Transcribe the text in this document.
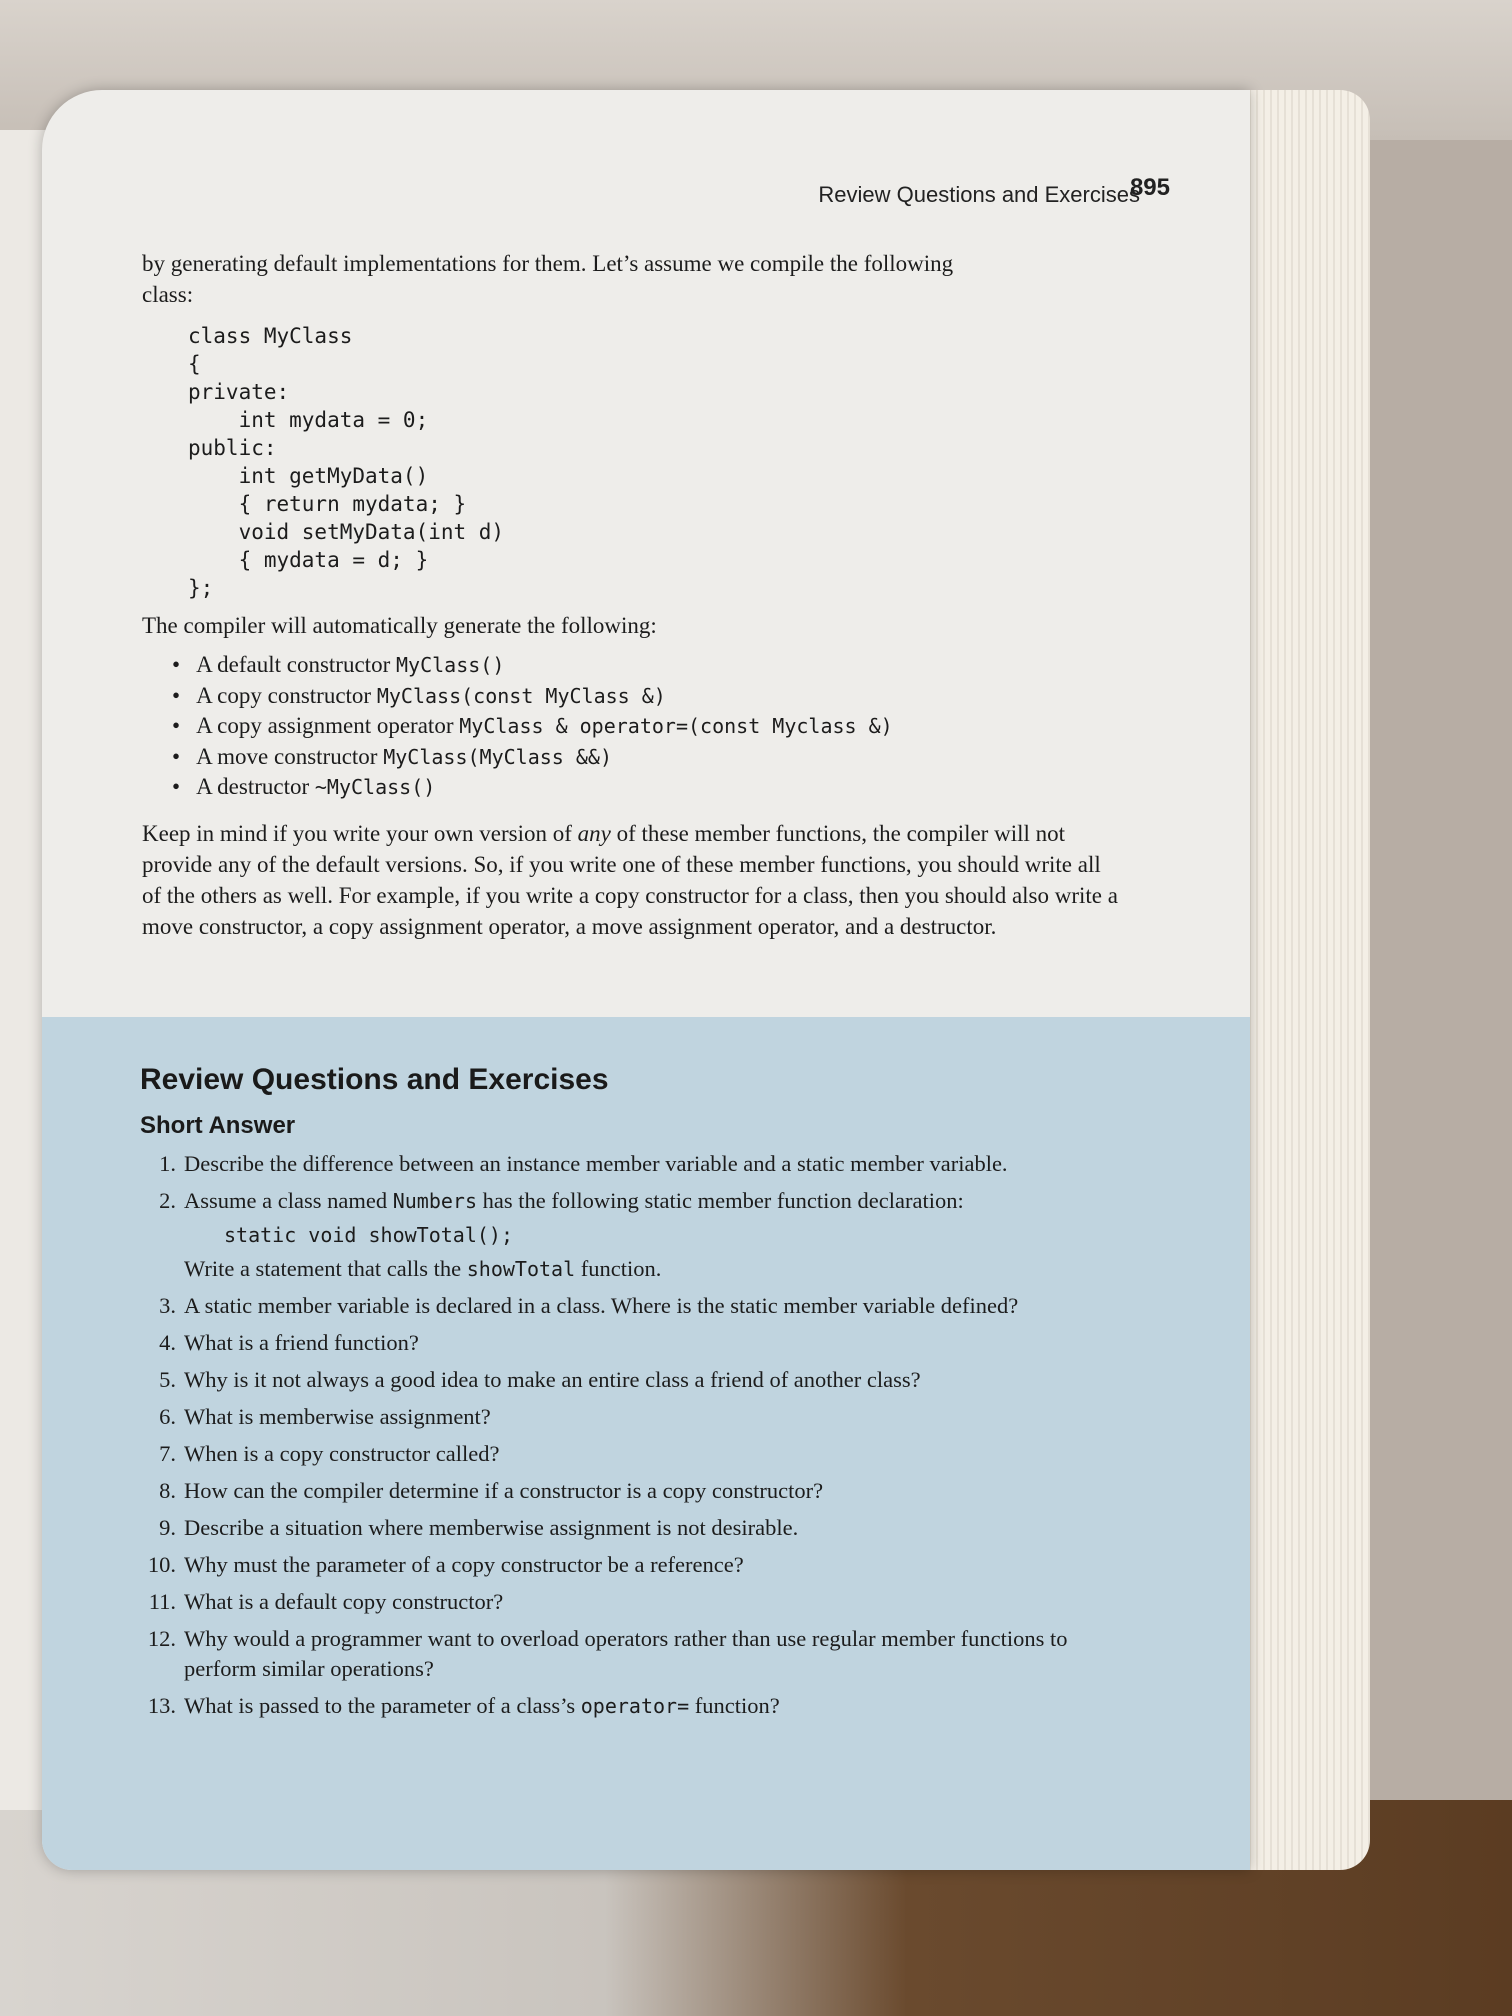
Review Questions and Exercises
895
by generating default implementations for them. Let’s assume we compile the following
class:
class MyClass
{
private:
int mydata = 0;
public:
int getMyData()
{ return mydata; }
void setMyData(int d)
{ mydata = d; }
};
The compiler will automatically generate the following:
• A default constructor MyClass()
• A copy constructor MyClass(const MyClass &)
• A copy assignment operator MyClass & operator=(const Myclass &)
• A move constructor MyClass(MyClass &&)
• A destructor ~MyClass()
Keep in mind if you write your own version of any of these member functions, the compiler will not provide any of the default versions. So, if you write one of these member functions, you should write all of the others as well. For example, if you write a copy constructor for a class, then you should also write a move constructor, a copy assignment operator, a move assignment operator, and a destructor.
Review Questions and Exercises
Short Answer
1. Describe the difference between an instance member variable and a static member variable.
2. Assume a class named Numbers has the following static member function declaration:
static void showTotal();
Write a statement that calls the showTotal function.
3. A static member variable is declared in a class. Where is the static member variable defined?
4. What is a friend function?
5. Why is it not always a good idea to make an entire class a friend of another class?
6. What is memberwise assignment?
7. When is a copy constructor called?
8. How can the compiler determine if a constructor is a copy constructor?
9. Describe a situation where memberwise assignment is not desirable.
10. Why must the parameter of a copy constructor be a reference?
11. What is a default copy constructor?
12. Why would a programmer want to overload operators rather than use regular member functions to perform similar operations?
13. What is passed to the parameter of a class’s operator= function?
